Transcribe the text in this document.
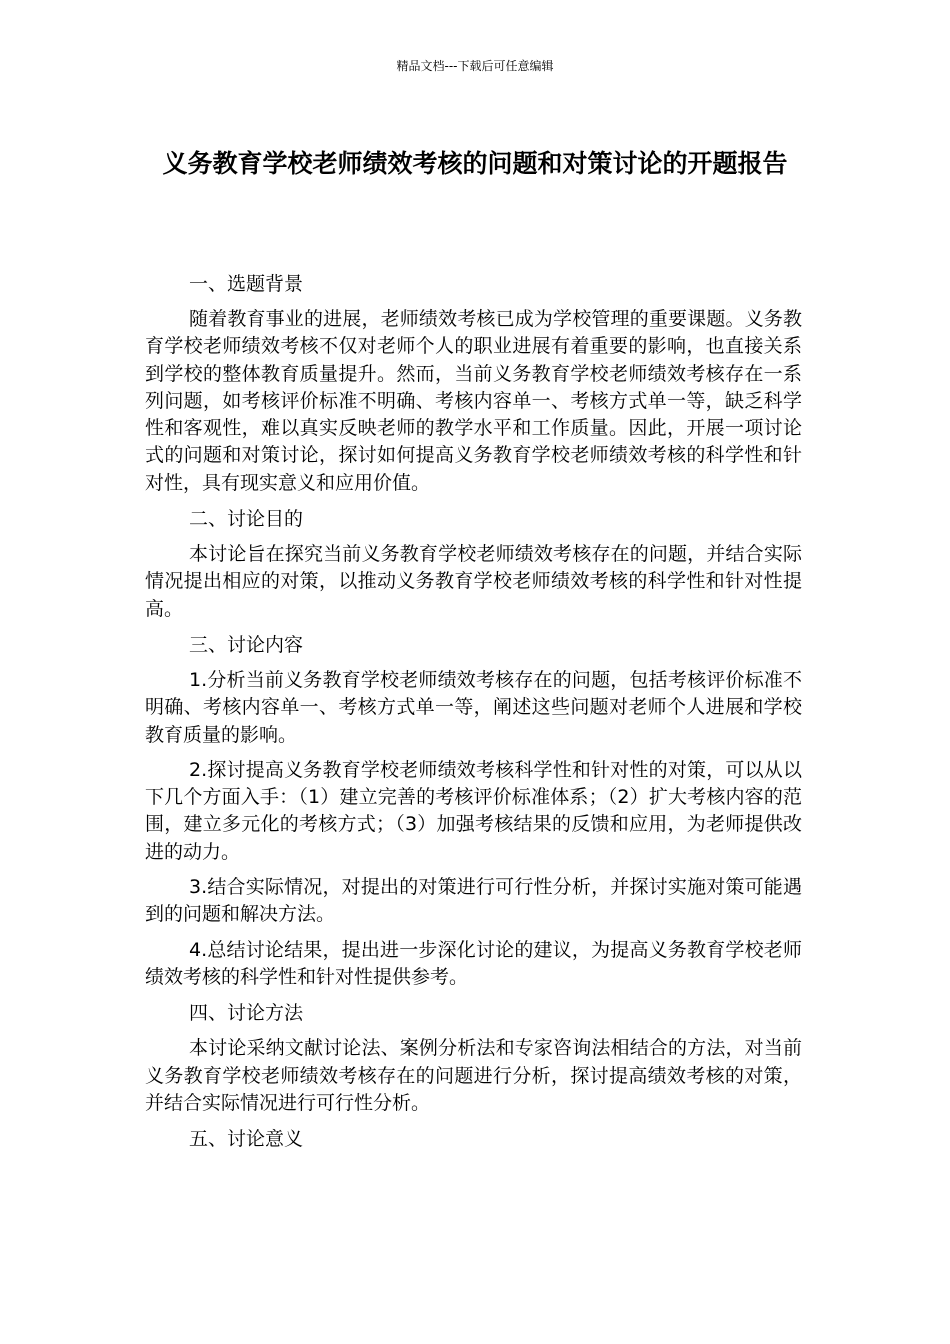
精品文档---下载后可任意编辑
义务教育学校老师绩效考核的问题和对策讨论的开题报告

一、选题背景

随着教育事业的进展，老师绩效考核已成为学校管理的重要课题。义务教育学校老师绩效考核不仅对老师个人的职业进展有着重要的影响，也直接关系到学校的整体教育质量提升。然而，当前义务教育学校老师绩效考核存在一系列问题，如考核评价标准不明确、考核内容单一、考核方式单一等，缺乏科学性和客观性，难以真实反映老师的教学水平和工作质量。因此，开展一项讨论式的问题和对策讨论，探讨如何提高义务教育学校老师绩效考核的科学性和针对性，具有现实意义和应用价值。

二、讨论目的

本讨论旨在探究当前义务教育学校老师绩效考核存在的问题，并结合实际情况提出相应的对策，以推动义务教育学校老师绩效考核的科学性和针对性提高。

三、讨论内容

1.分析当前义务教育学校老师绩效考核存在的问题，包括考核评价标准不明确、考核内容单一、考核方式单一等，阐述这些问题对老师个人进展和学校教育质量的影响。

2.探讨提高义务教育学校老师绩效考核科学性和针对性的对策，可以从以下几个方面入手：（1）建立完善的考核评价标准体系；（2）扩大考核内容的范围，建立多元化的考核方式；（3）加强考核结果的反馈和应用，为老师提供改进的动力。

3.结合实际情况，对提出的对策进行可行性分析，并探讨实施对策可能遇到的问题和解决方法。

4.总结讨论结果，提出进一步深化讨论的建议，为提高义务教育学校老师绩效考核的科学性和针对性提供参考。

四、讨论方法

本讨论采纳文献讨论法、案例分析法和专家咨询法相结合的方法，对当前义务教育学校老师绩效考核存在的问题进行分析，探讨提高绩效考核的对策，并结合实际情况进行可行性分析。

五、讨论意义
